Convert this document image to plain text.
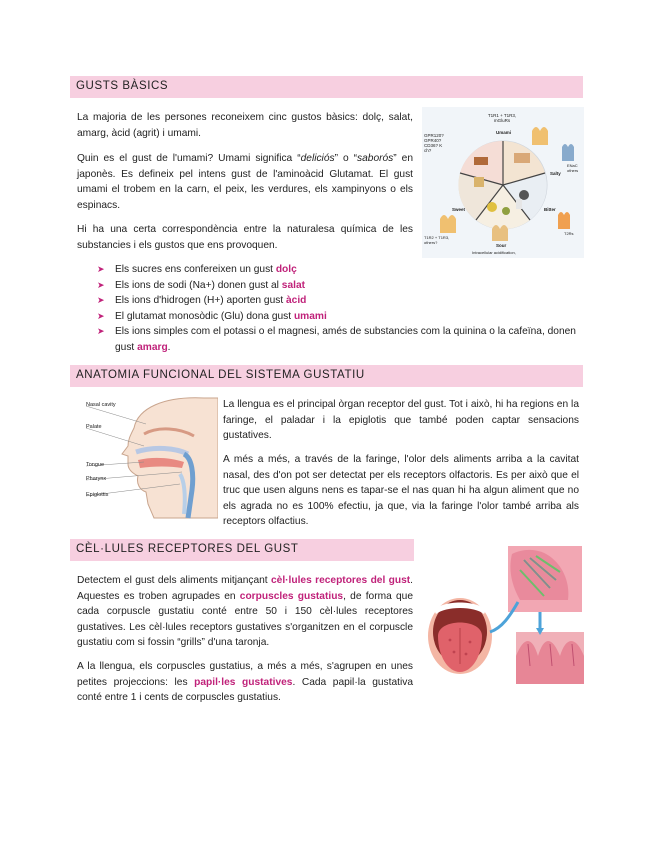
GUSTS BÀSICS
La majoria de les persones reconeixem cinc gustos bàsics: dolç, salat, amarg, àcid (agrit) i umami.
Quin es el gust de l'umami? Umami significa “deliciós” o “saborós” en japonès. Es defineix pel intens gust de l'aminoàcid Glutamat. El gust umami el trobem en la carn, el peix, les verdures, els xampinyons o els espinacs.
Hi ha una certa correspondència entre la naturalesa química de les substancies i els gustos que ens provoquen.
T1R1 + T1R3, mGluRs
Umami
GPR120? GPR40? CD36? K ch?
Sweet
Salty
Bitter
Sour
ENaC others
T2Rs
T1R2 + T1R3, others?
Intracellular acidification,
➤ Els sucres ens confereixen un gust dolç
➤ Els ions de sodi (Na+) donen gust al salat
➤ Els ions d'hidrogen (H+) aporten gust àcid
➤ El glutamat monosòdic (Glu) dona gust umami
➤ Els ions simples com el potassi o el magnesi, amés de substancies com la quinina o la cafeïna, donen gust amarg.
ANATOMIA FUNCIONAL DEL SISTEMA GUSTATIU
Nasal cavity
Palate
Tongue
Pharynx
Epiglottis
La llengua es el principal òrgan receptor del gust. Tot i això, hi ha regions en la faringe, el paladar i la epiglotis que també poden captar sensacions gustatives.
A més a més, a través de la faringe, l'olor dels aliments arriba a la cavitat nasal, des d'on pot ser detectat per els receptors olfactoris. Es per això que el truc que usen alguns nens es tapar-se el nas quan hi ha algun aliment que no els agrada no es 100% efectiu, ja que, via la faringe l'olor també arriba als receptors olfactius.
CÈL·LULES RECEPTORES DEL GUST
Detectem el gust dels aliments mitjançant cèl·lules receptores del gust. Aquestes es troben agrupades en corpuscles gustatius, de forma que cada corpuscle gustatiu conté entre 50 i 150 cèl·lules receptores gustatives. Les cèl·lules receptors gustatives s'organitzen en el corpuscle gustatiu com si fossin “grills” d'una taronja.
A la llengua, els corpuscles gustatius, a més a més, s'agrupen en unes petites projeccions: les papil·les gustatives. Cada papil·la gustativa conté entre 1 i cents de corpuscles gustatius.
